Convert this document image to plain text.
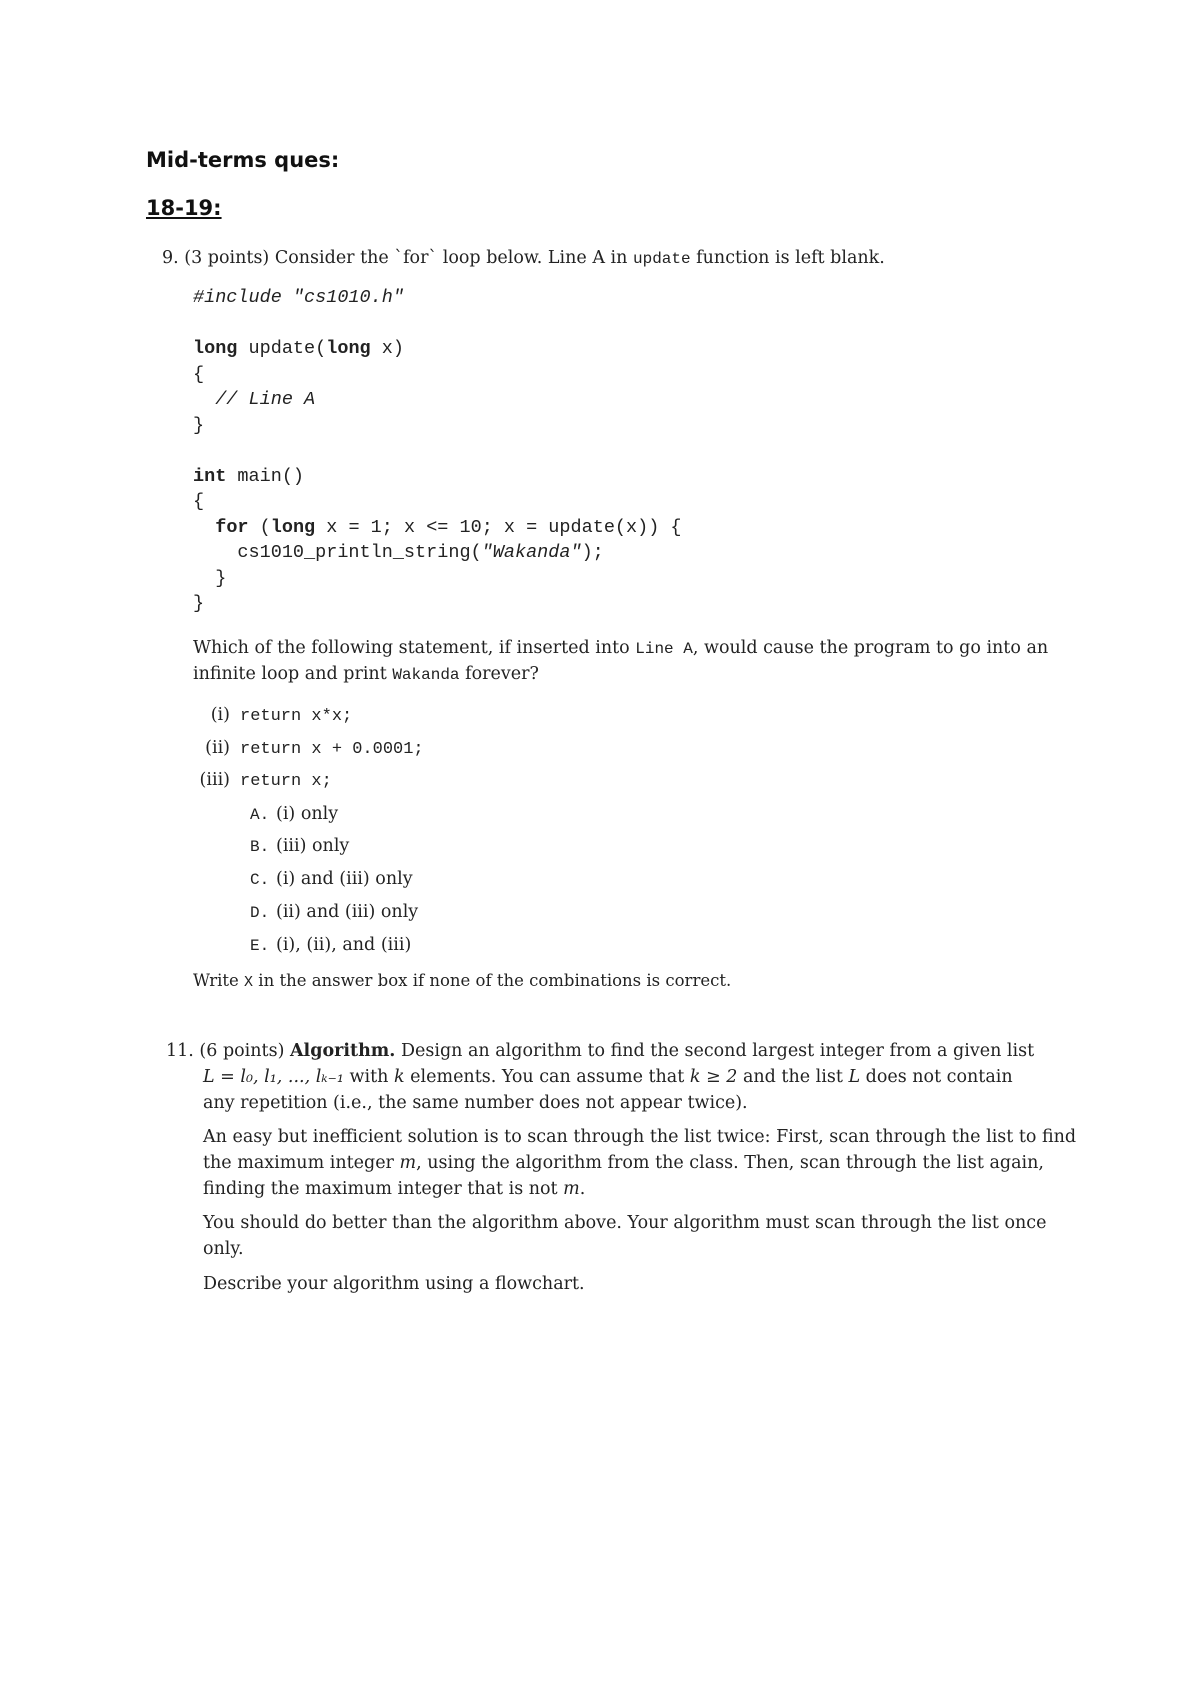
Mid-terms ques:
18-19:
9. (3 points) Consider the `for` loop below. Line A in update function is left blank.
#include "cs1010.h"
long update(long x)
{
// Line A
}
int main()
{
for (long x = 1; x <= 10; x = update(x)) {
cs1010_println_string("Wakanda");
}
}
Which of the following statement, if inserted into Line A, would cause the program to go into an
infinite loop and print Wakanda forever?
(i) return x*x;
(ii) return x + 0.0001;
(iii) return x;
A. (i) only
B. (iii) only
C. (i) and (iii) only
D. (ii) and (iii) only
E. (i), (ii), and (iii)
Write X in the answer box if none of the combinations is correct.
11. (6 points) Algorithm. Design an algorithm to find the second largest integer from a given list
L = l₀, l₁, ..., lₖ₋₁ with k elements. You can assume that k ≥ 2 and the list L does not contain
any repetition (i.e., the same number does not appear twice).
An easy but inefficient solution is to scan through the list twice: First, scan through the list to find
the maximum integer m, using the algorithm from the class. Then, scan through the list again,
finding the maximum integer that is not m.
You should do better than the algorithm above. Your algorithm must scan through the list once
only.
Describe your algorithm using a flowchart.
